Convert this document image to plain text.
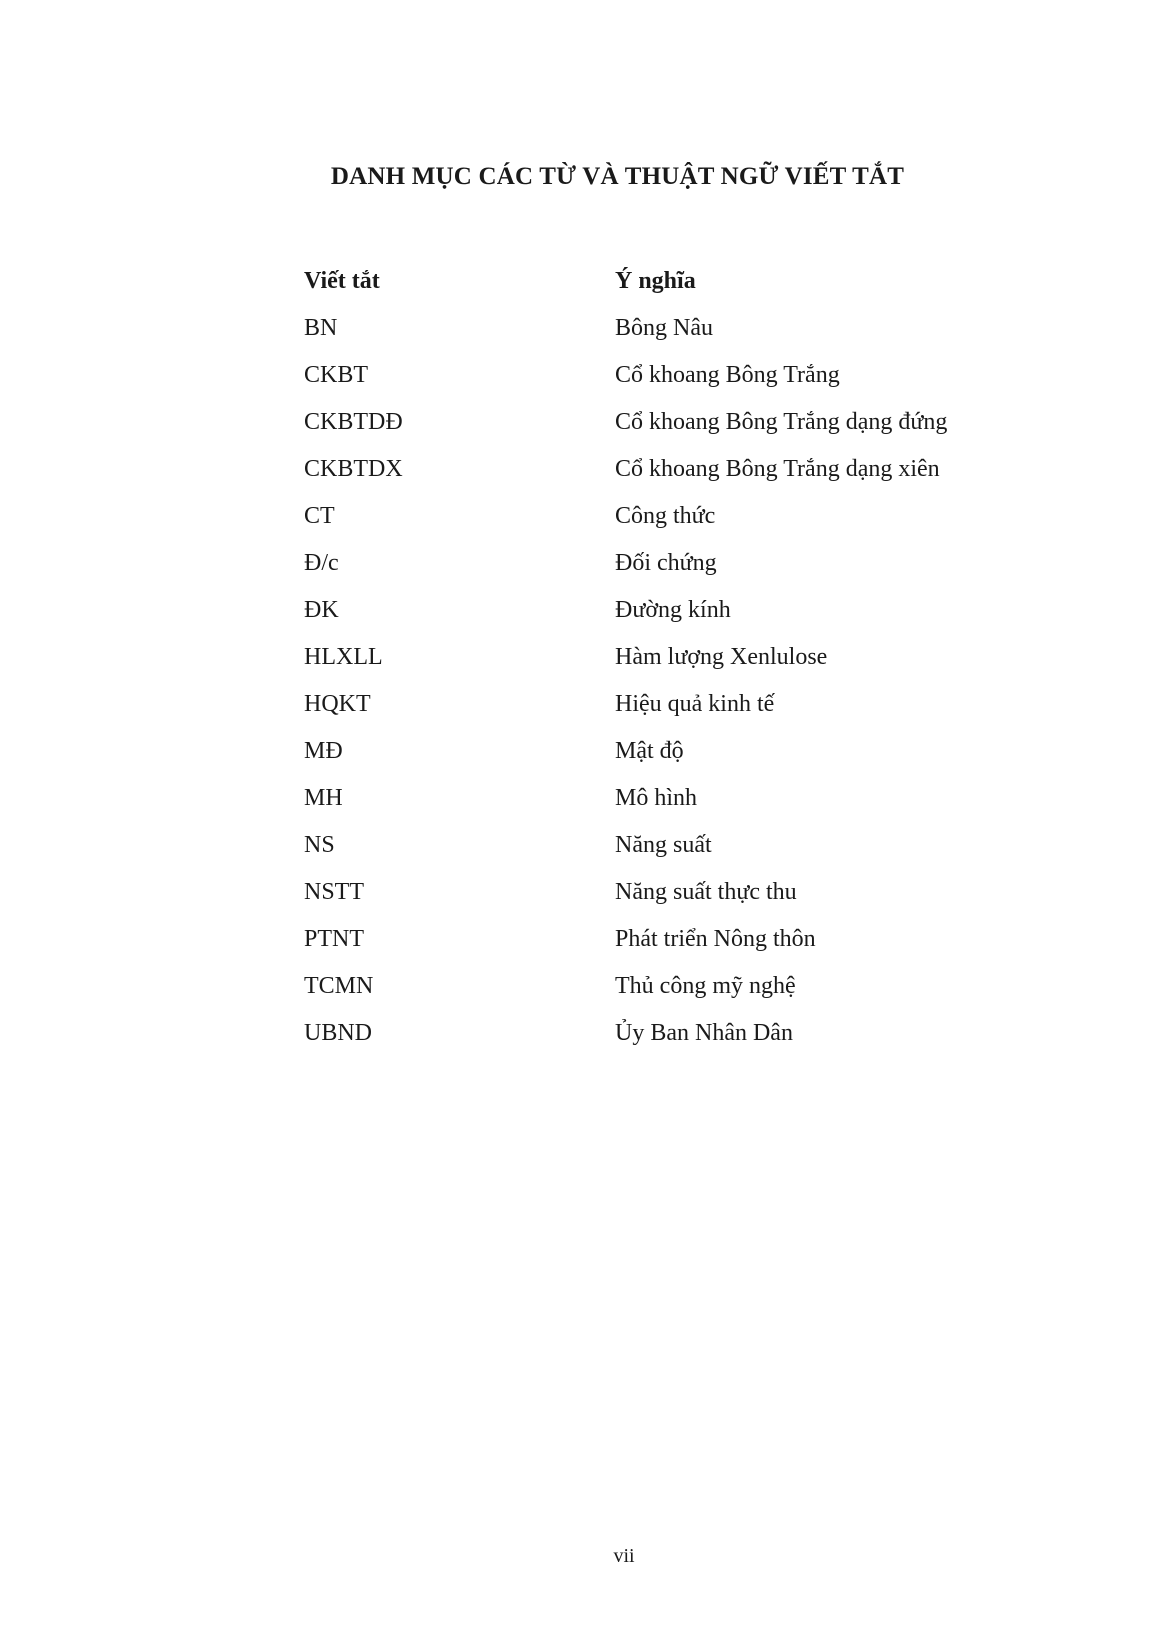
DANH MỤC CÁC TỪ VÀ THUẬT NGỮ VIẾT TẮT
Viết tắt	Ý nghĩa
BN	Bông Nâu
CKBT	Cổ khoang Bông Trắng
CKBTDĐ	Cổ khoang Bông Trắng dạng đứng
CKBTDX	Cổ khoang Bông Trắng dạng xiên
CT	Công thức
Đ/c	Đối chứng
ĐK	Đường kính
HLXLL	Hàm lượng Xenlulose
HQKT	Hiệu quả kinh tế
MĐ	Mật độ
MH	Mô hình
NS	Năng suất
NSTT	Năng suất thực thu
PTNT	Phát triển Nông thôn
TCMN	Thủ công mỹ nghệ
UBND	Ủy Ban Nhân Dân
vii
